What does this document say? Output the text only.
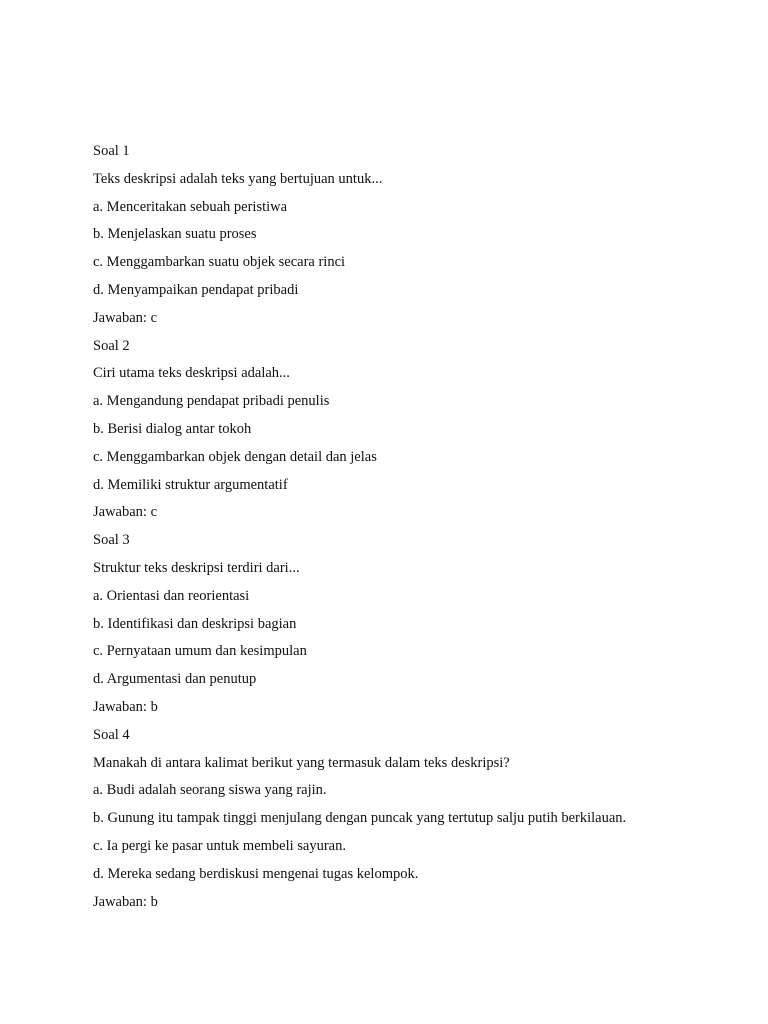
Soal 1
Teks deskripsi adalah teks yang bertujuan untuk...
a. Menceritakan sebuah peristiwa
b. Menjelaskan suatu proses
c. Menggambarkan suatu objek secara rinci
d. Menyampaikan pendapat pribadi
Jawaban: c
Soal 2
Ciri utama teks deskripsi adalah...
a. Mengandung pendapat pribadi penulis
b. Berisi dialog antar tokoh
c. Menggambarkan objek dengan detail dan jelas
d. Memiliki struktur argumentatif
Jawaban: c
Soal 3
Struktur teks deskripsi terdiri dari...
a. Orientasi dan reorientasi
b. Identifikasi dan deskripsi bagian
c. Pernyataan umum dan kesimpulan
d. Argumentasi dan penutup
Jawaban: b
Soal 4
Manakah di antara kalimat berikut yang termasuk dalam teks deskripsi?
a. Budi adalah seorang siswa yang rajin.
b. Gunung itu tampak tinggi menjulang dengan puncak yang tertutup salju putih berkilauan.
c. Ia pergi ke pasar untuk membeli sayuran.
d. Mereka sedang berdiskusi mengenai tugas kelompok.
Jawaban: b
